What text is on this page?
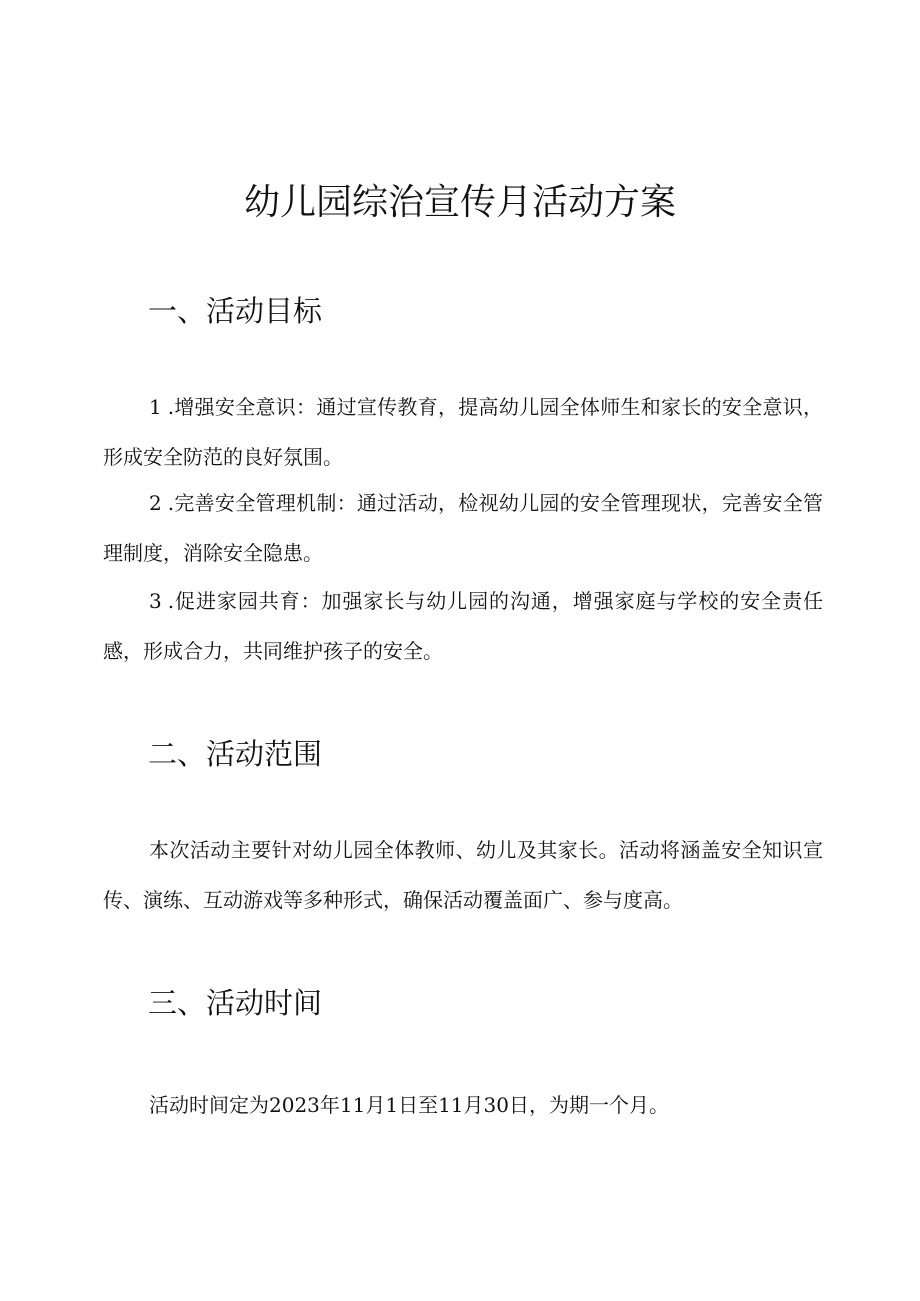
幼儿园综治宣传月活动方案
一、活动目标

1 .增强安全意识：通过宣传教育，提高幼儿园全体师生和家长的安全意识，形成安全防范的良好氛围。

2 .完善安全管理机制：通过活动，检视幼儿园的安全管理现状，完善安全管理制度，消除安全隐患。

3 .促进家园共育：加强家长与幼儿园的沟通，增强家庭与学校的安全责任感，形成合力，共同维护孩子的安全。

二、活动范围

本次活动主要针对幼儿园全体教师、幼儿及其家长。活动将涵盖安全知识宣传、演练、互动游戏等多种形式，确保活动覆盖面广、参与度高。

三、活动时间

活动时间定为2023年11月1日至11月30日，为期一个月。
